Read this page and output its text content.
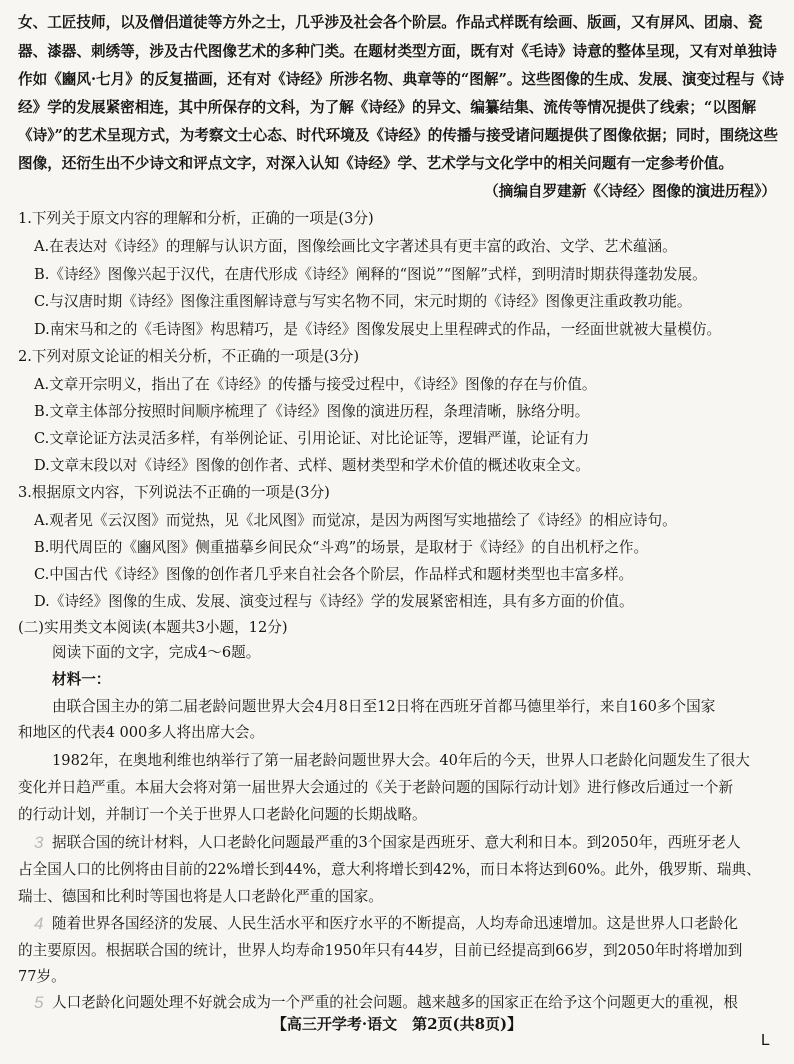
女、工匠技师，以及僧侣道徒等方外之士，几乎涉及社会各个阶层。作品式样既有绘画、版画，又有屏风、团扇、瓷
器、漆器、刺绣等，涉及古代图像艺术的多种门类。在题材类型方面，既有对《毛诗》诗意的整体呈现，又有对单独诗
作如《豳风·七月》的反复描画，还有对《诗经》所涉名物、典章等的“图解”。这些图像的生成、发展、演变过程与《诗
经》学的发展紧密相连，其中所保存的文科，为了解《诗经》的异文、编纂结集、流传等情况提供了线索；“以图解
《诗》”的艺术呈现方式，为考察文士心态、时代环境及《诗经》的传播与接受诸问题提供了图像依据；同时，围绕这些
图像，还衍生出不少诗文和评点文字，对深入认知《诗经》学、艺术学与文化学中的相关问题有一定参考价值。
（摘编自罗建新《〈诗经〉图像的演进历程》）
1.下列关于原文内容的理解和分析，正确的一项是(3分)
A.在表达对《诗经》的理解与认识方面，图像绘画比文字著述具有更丰富的政治、文学、艺术蕴涵。
B.《诗经》图像兴起于汉代，在唐代形成《诗经》阐释的“图说”“图解”式样，到明清时期获得蓬勃发展。
C.与汉唐时期《诗经》图像注重图解诗意与写实名物不同，宋元时期的《诗经》图像更注重政教功能。
D.南宋马和之的《毛诗图》构思精巧，是《诗经》图像发展史上里程碑式的作品，一经面世就被大量模仿。
2.下列对原文论证的相关分析，不正确的一项是(3分)
A.文章开宗明义，指出了在《诗经》的传播与接受过程中，《诗经》图像的存在与价值。
B.文章主体部分按照时间顺序梳理了《诗经》图像的演进历程，条理清晰，脉络分明。
C.文章论证方法灵活多样，有举例论证、引用论证、对比论证等，逻辑严谨，论证有力
D.文章末段以对《诗经》图像的创作者、式样、题材类型和学术价值的概述收束全文。
3.根据原文内容，下列说法不正确的一项是(3分)
A.观者见《云汉图》而觉热，见《北风图》而觉凉，是因为两图写实地描绘了《诗经》的相应诗句。
B.明代周臣的《豳风图》侧重描摹乡间民众“斗鸡”的场景，是取材于《诗经》的自出机杼之作。
C.中国古代《诗经》图像的创作者几乎来自社会各个阶层，作品样式和题材类型也丰富多样。
D.《诗经》图像的生成、发展、演变过程与《诗经》学的发展紧密相连，具有多方面的价值。
(二)实用类文本阅读(本题共3小题，12分)
阅读下面的文字，完成4～6题。
材料一：
由联合国主办的第二届老龄问题世界大会4月8日至12日将在西班牙首都马德里举行，来自160多个国家
和地区的代表4 000多人将出席大会。
1982年，在奥地利维也纳举行了第一届老龄问题世界大会。40年后的今天，世界人口老龄化问题发生了很大
变化并日趋严重。本届大会将对第一届世界大会通过的《关于老龄问题的国际行动计划》进行修改后通过一个新
的行动计划，并制订一个关于世界人口老龄化问题的长期战略。
据联合国的统计材料，人口老龄化问题最严重的3个国家是西班牙、意大利和日本。到2050年，西班牙老人
占全国人口的比例将由目前的22%增长到44%，意大利将增长到42%，而日本将达到60%。此外，俄罗斯、瑞典、
瑞士、德国和比利时等国也将是人口老龄化严重的国家。
随着世界各国经济的发展、人民生活水平和医疗水平的不断提高，人均寿命迅速增加。这是世界人口老龄化
的主要原因。根据联合国的统计，世界人均寿命1950年只有44岁，目前已经提高到66岁，到2050年时将增加到
77岁。
人口老龄化问题处理不好就会成为一个严重的社会问题。越来越多的国家正在给予这个问题更大的重视，根
3
4
5
【高三开学考·语文　第2页(共8页)】
L
